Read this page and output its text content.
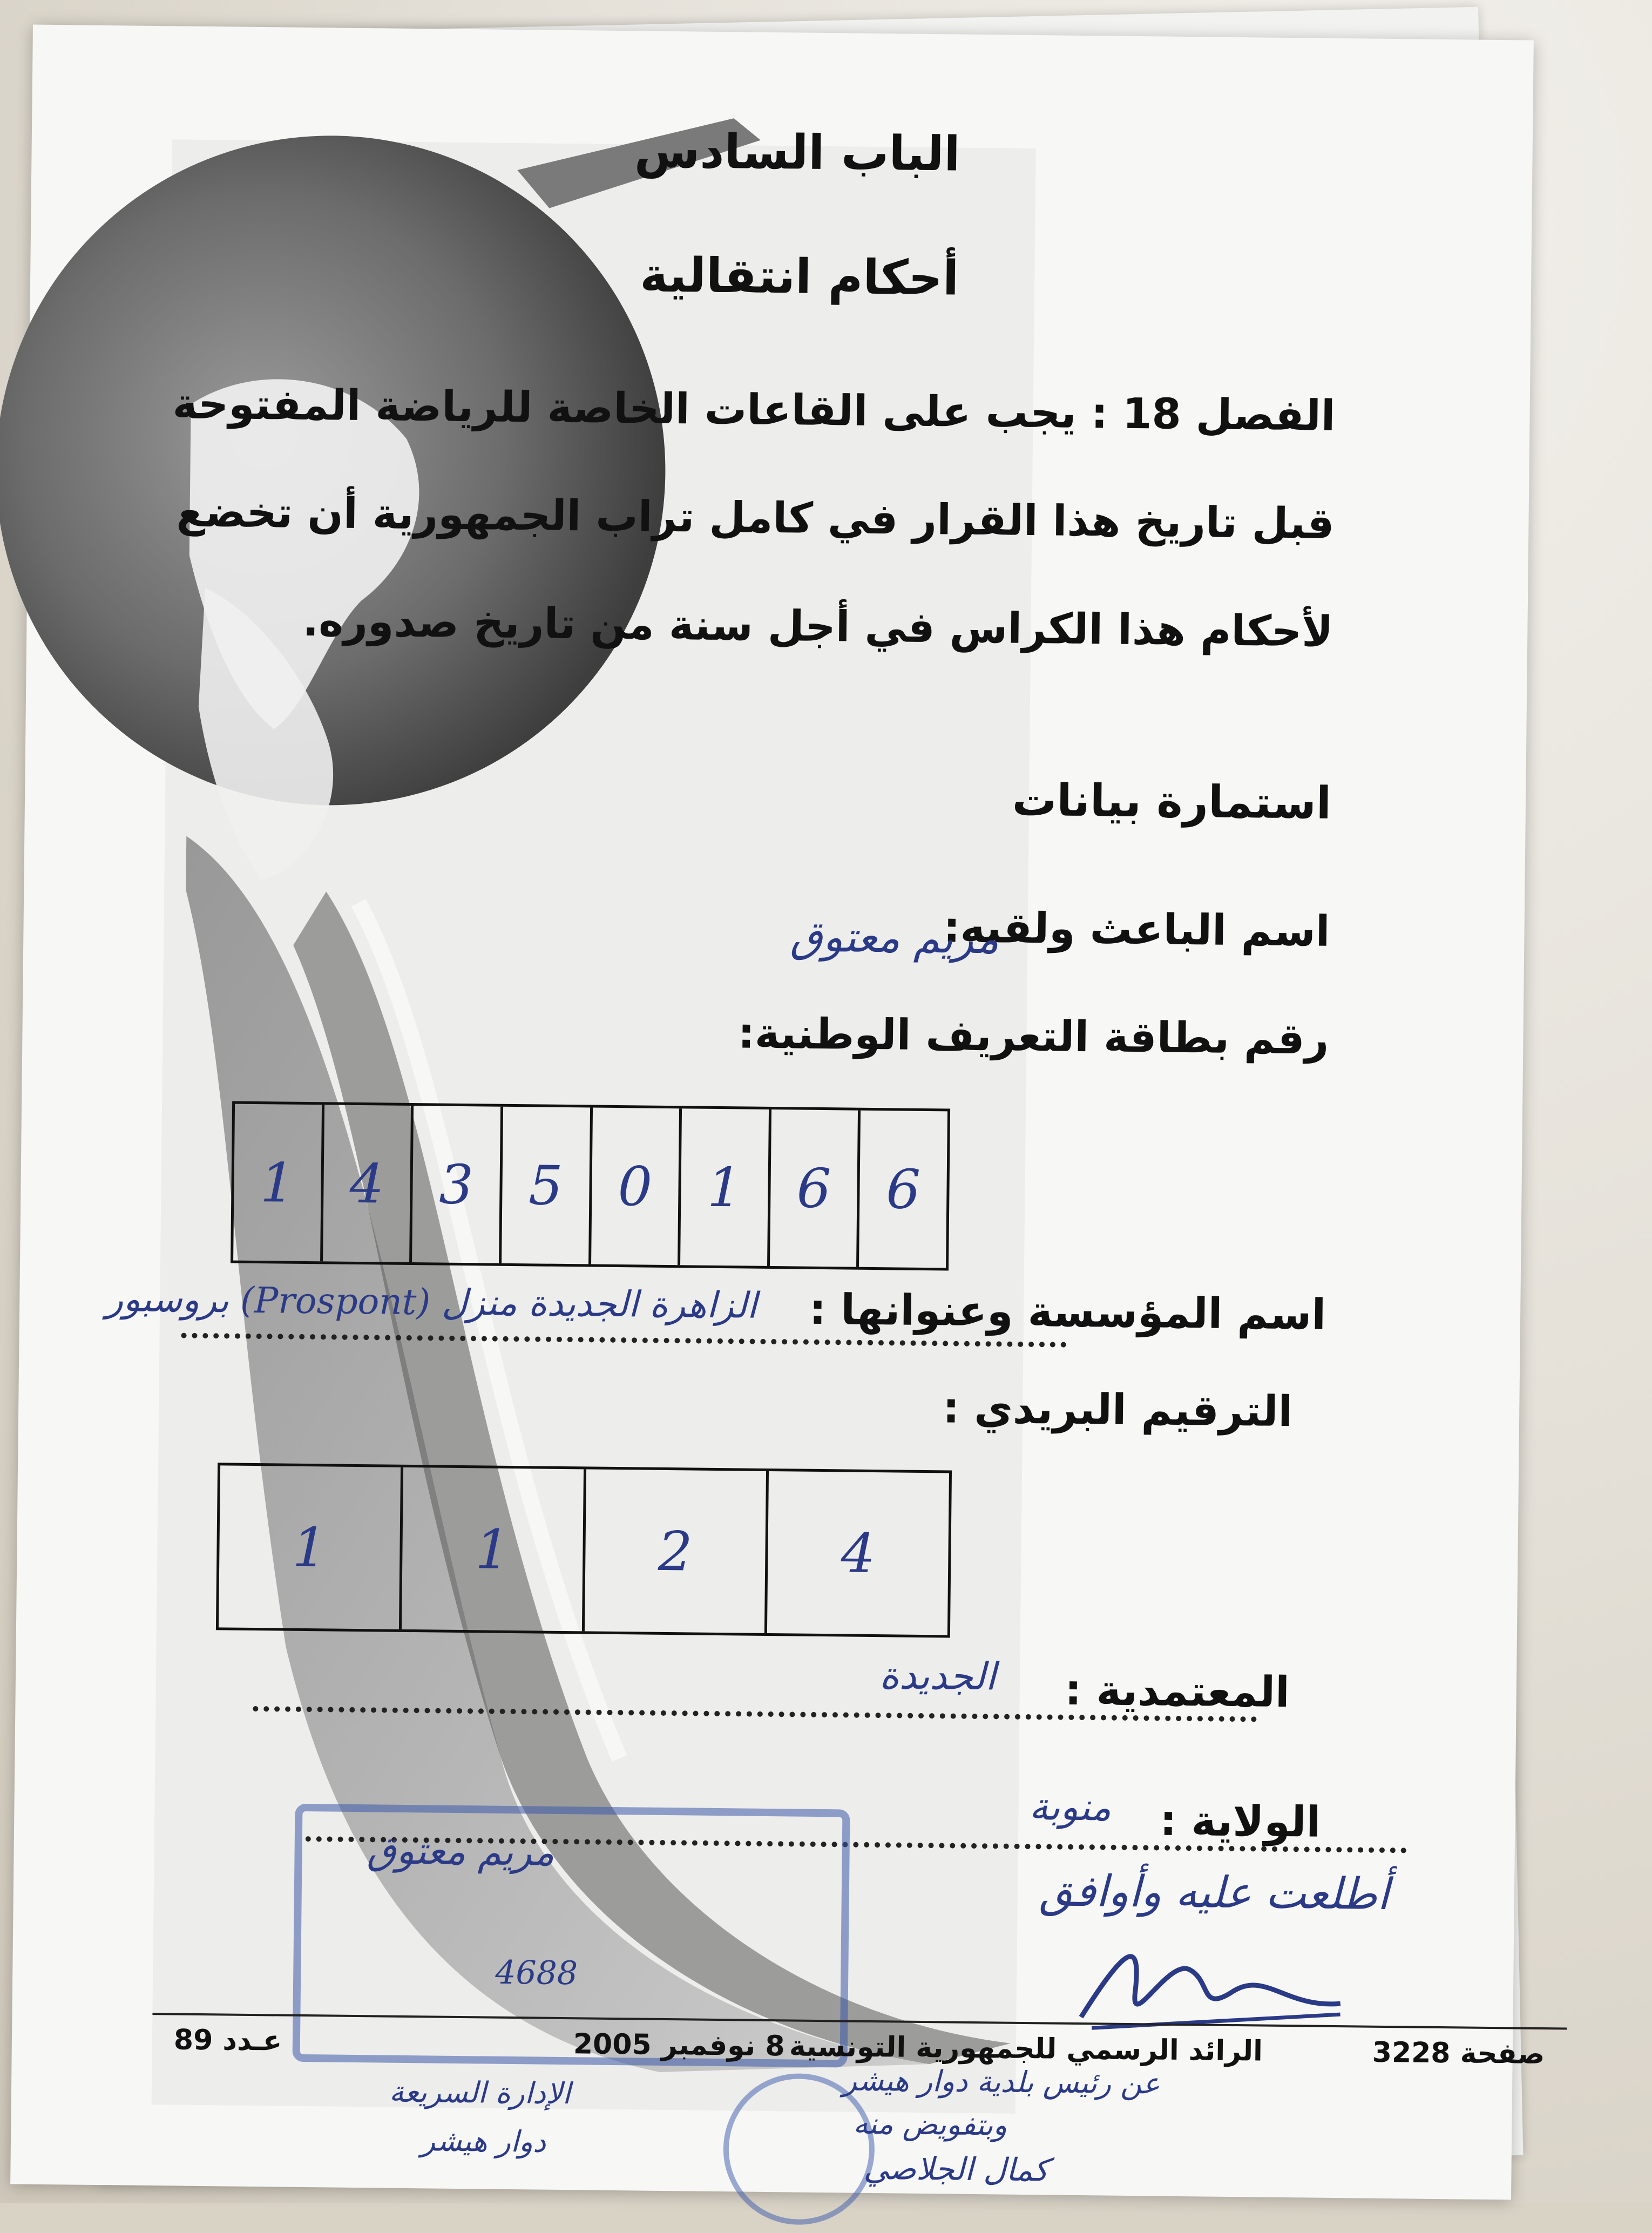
الباب السادس
أحكام انتقالية
الفصل 18 : يجب على القاعات الخاصة للرياضة المفتوحة قبل تاريخ هذا القرار في كامل تراب الجمهورية أن تخضع لأحكام هذا الكراس في أجل سنة من تاريخ صدوره.
استمارة بيانات
اسم الباعث ولقبه:
مريم معتوق
رقم بطاقة التعريف الوطنية:
1	4	3	5	0	1	6	6
اسم المؤسسة وعنوانها :
بروسبور (Prospont) الزاهرة الجديدة منزل
الترقيم البريدي :
1	1	2	4
المعتمدية :
الجديدة
الولاية :
منوبة
أطلعت عليه وأوافق
مريم معتوق
4688
عـدد 89	8 نوفمبر 2005 الرائد الرسمي للجمهورية التونسية	صفحة 3228
الإدارة السريعة
دوار هيشر
عن رئيس بلدية دوار هيشر
وبتفويض منه
كمال الجلاصي
